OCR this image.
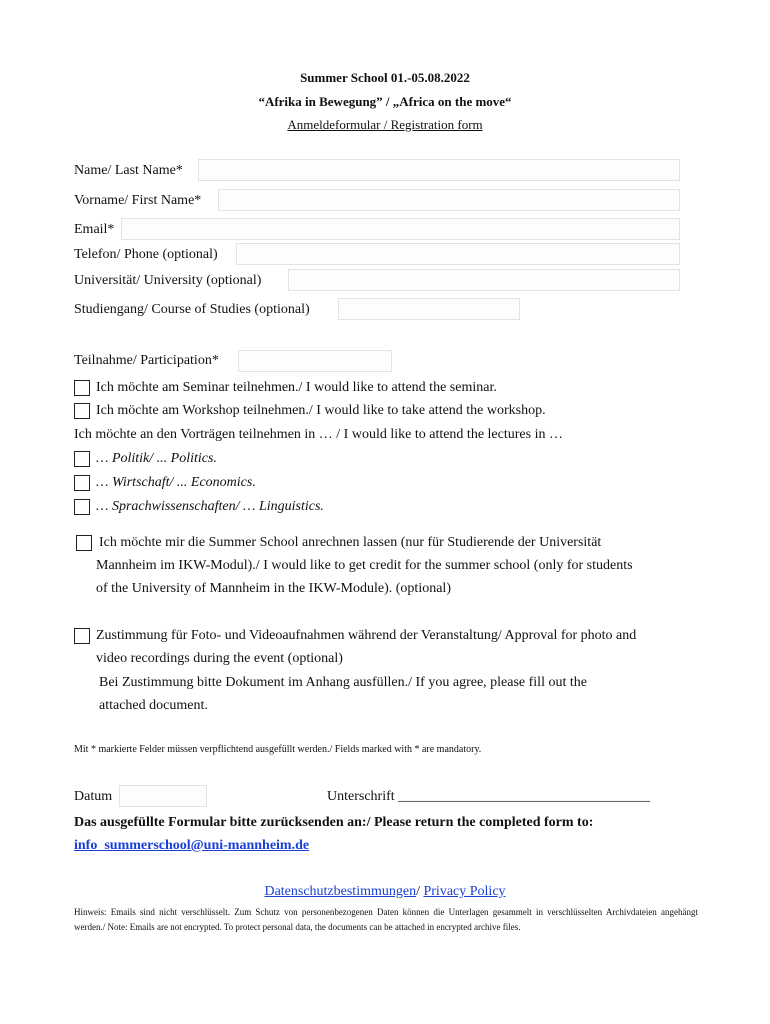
Summer School 01.-05.08.2022
“Afrika in Bewegung” / „Africa on the move“
Anmeldeformular / Registration form
Name/ Last Name*
Vorname/ First Name*
Email*
Telefon/ Phone (optional)
Universität/ University (optional)
Studiengang/ Course of Studies (optional)
Teilnahme/ Participation*
Ich möchte am Seminar teilnehmen./ I would like to attend the seminar.
Ich möchte am Workshop teilnehmen./ I would like to take attend the workshop.
Ich möchte an den Vorträgen teilnehmen in … / I would like to attend the lectures in …
… Politik/ ... Politics.
… Wirtschaft/ ... Economics.
… Sprachwissenschaften/ … Linguistics.
Ich möchte mir die Summer School anrechnen lassen (nur für Studierende der Universität
Mannheim im IKW-Modul)./ I would like to get credit for the summer school (only for students
of the University of Mannheim in the IKW-Module). (optional)
Zustimmung für Foto- und Videoaufnahmen während der Veranstaltung/ Approval for photo and
video recordings during the event (optional)
Bei Zustimmung bitte Dokument im Anhang ausfüllen./ If you agree, please fill out the
attached document.
Mit * markierte Felder müssen verpflichtend ausgefüllt werden./ Fields marked with * are mandatory.
Datum	Unterschrift ____________________________________
Das ausgefüllte Formular bitte zurücksenden an:/ Please return the completed form to:
info_summerschool@uni-mannheim.de
Datenschutzbestimmungen/ Privacy Policy
Hinweis: Emails sind nicht verschlüsselt. Zum Schutz von personenbezogenen Daten können die Unterlagen gesammelt in verschlüsselten Archivdateien angehängt werden./ Note: Emails are not encrypted. To protect personal data, the documents can be attached in encrypted archive files.
